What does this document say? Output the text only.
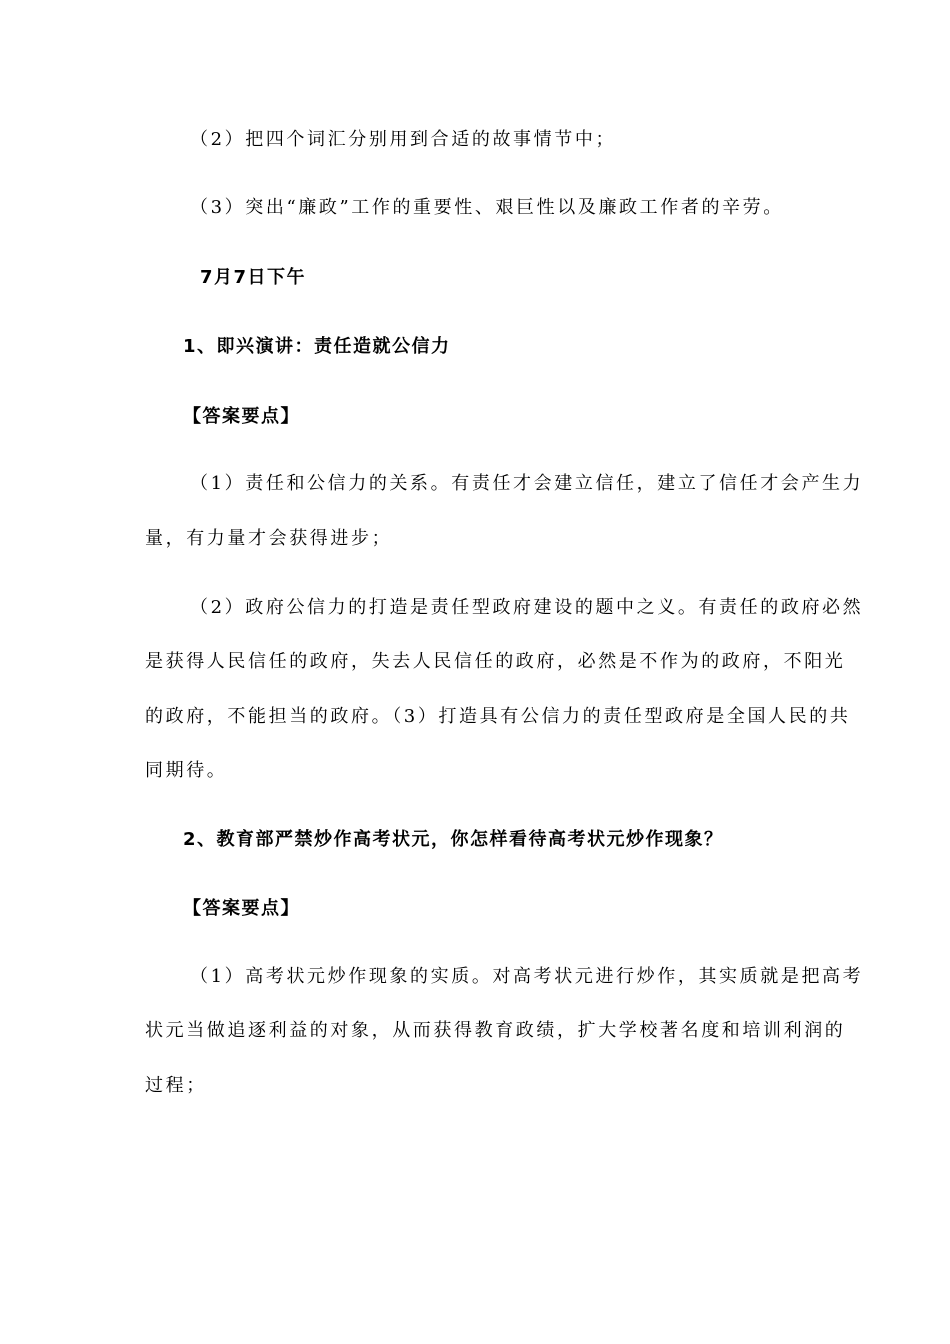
（2）把四个词汇分别用到合适的故事情节中；
（3）突出“廉政”工作的重要性、艰巨性以及廉政工作者的辛劳。
7月7日下午
1、即兴演讲：责任造就公信力
【答案要点】
（1）责任和公信力的关系。有责任才会建立信任，建立了信任才会产生力
量，有力量才会获得进步；
（2）政府公信力的打造是责任型政府建设的题中之义。有责任的政府必然
是获得人民信任的政府，失去人民信任的政府，必然是不作为的政府，不阳光
的政府，不能担当的政府。（3）打造具有公信力的责任型政府是全国人民的共
同期待。
2、教育部严禁炒作高考状元，你怎样看待高考状元炒作现象？
【答案要点】
（1）高考状元炒作现象的实质。对高考状元进行炒作，其实质就是把高考
状元当做追逐利益的对象，从而获得教育政绩，扩大学校著名度和培训利润的
过程；
